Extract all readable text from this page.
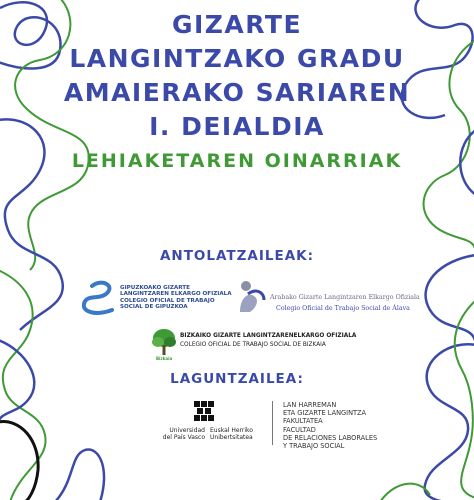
GIZARTE
LANGINTZAKO GRADU
AMAIERAKO SARIAREN
I. DEIALDIA
LEHIAKETAREN OINARRIAK
ANTOLATZAILEAK:
GIPUZKOAKO GIZARTE
LANGINTZAREN ELKARGO OFIZIALA
COLEGIO OFICIAL DE TRABAJO
SOCIAL DE GIPUZKOA
Arabako Gizarte Langintzaren Elkargo Ofiziala
Colegio Oficial de Trabajo Social de Álava
BIZKAIKO GIZARTE LANGINTZARENELKARGO OFIZIALA
COLEGIO OFICIAL DE TRABAJO SOCIAL DE BIZKAIA
Bizkaia
LAGUNTZAILEA:
Universidad
del País Vasco
Euskal Herriko
Unibertsitatea
LAN HARREMAN
ETA GIZARTE LANGINTZA
FAKULTATEA
FACULTAD
DE RELACIONES LABORALES
Y TRABAJO SOCIAL
